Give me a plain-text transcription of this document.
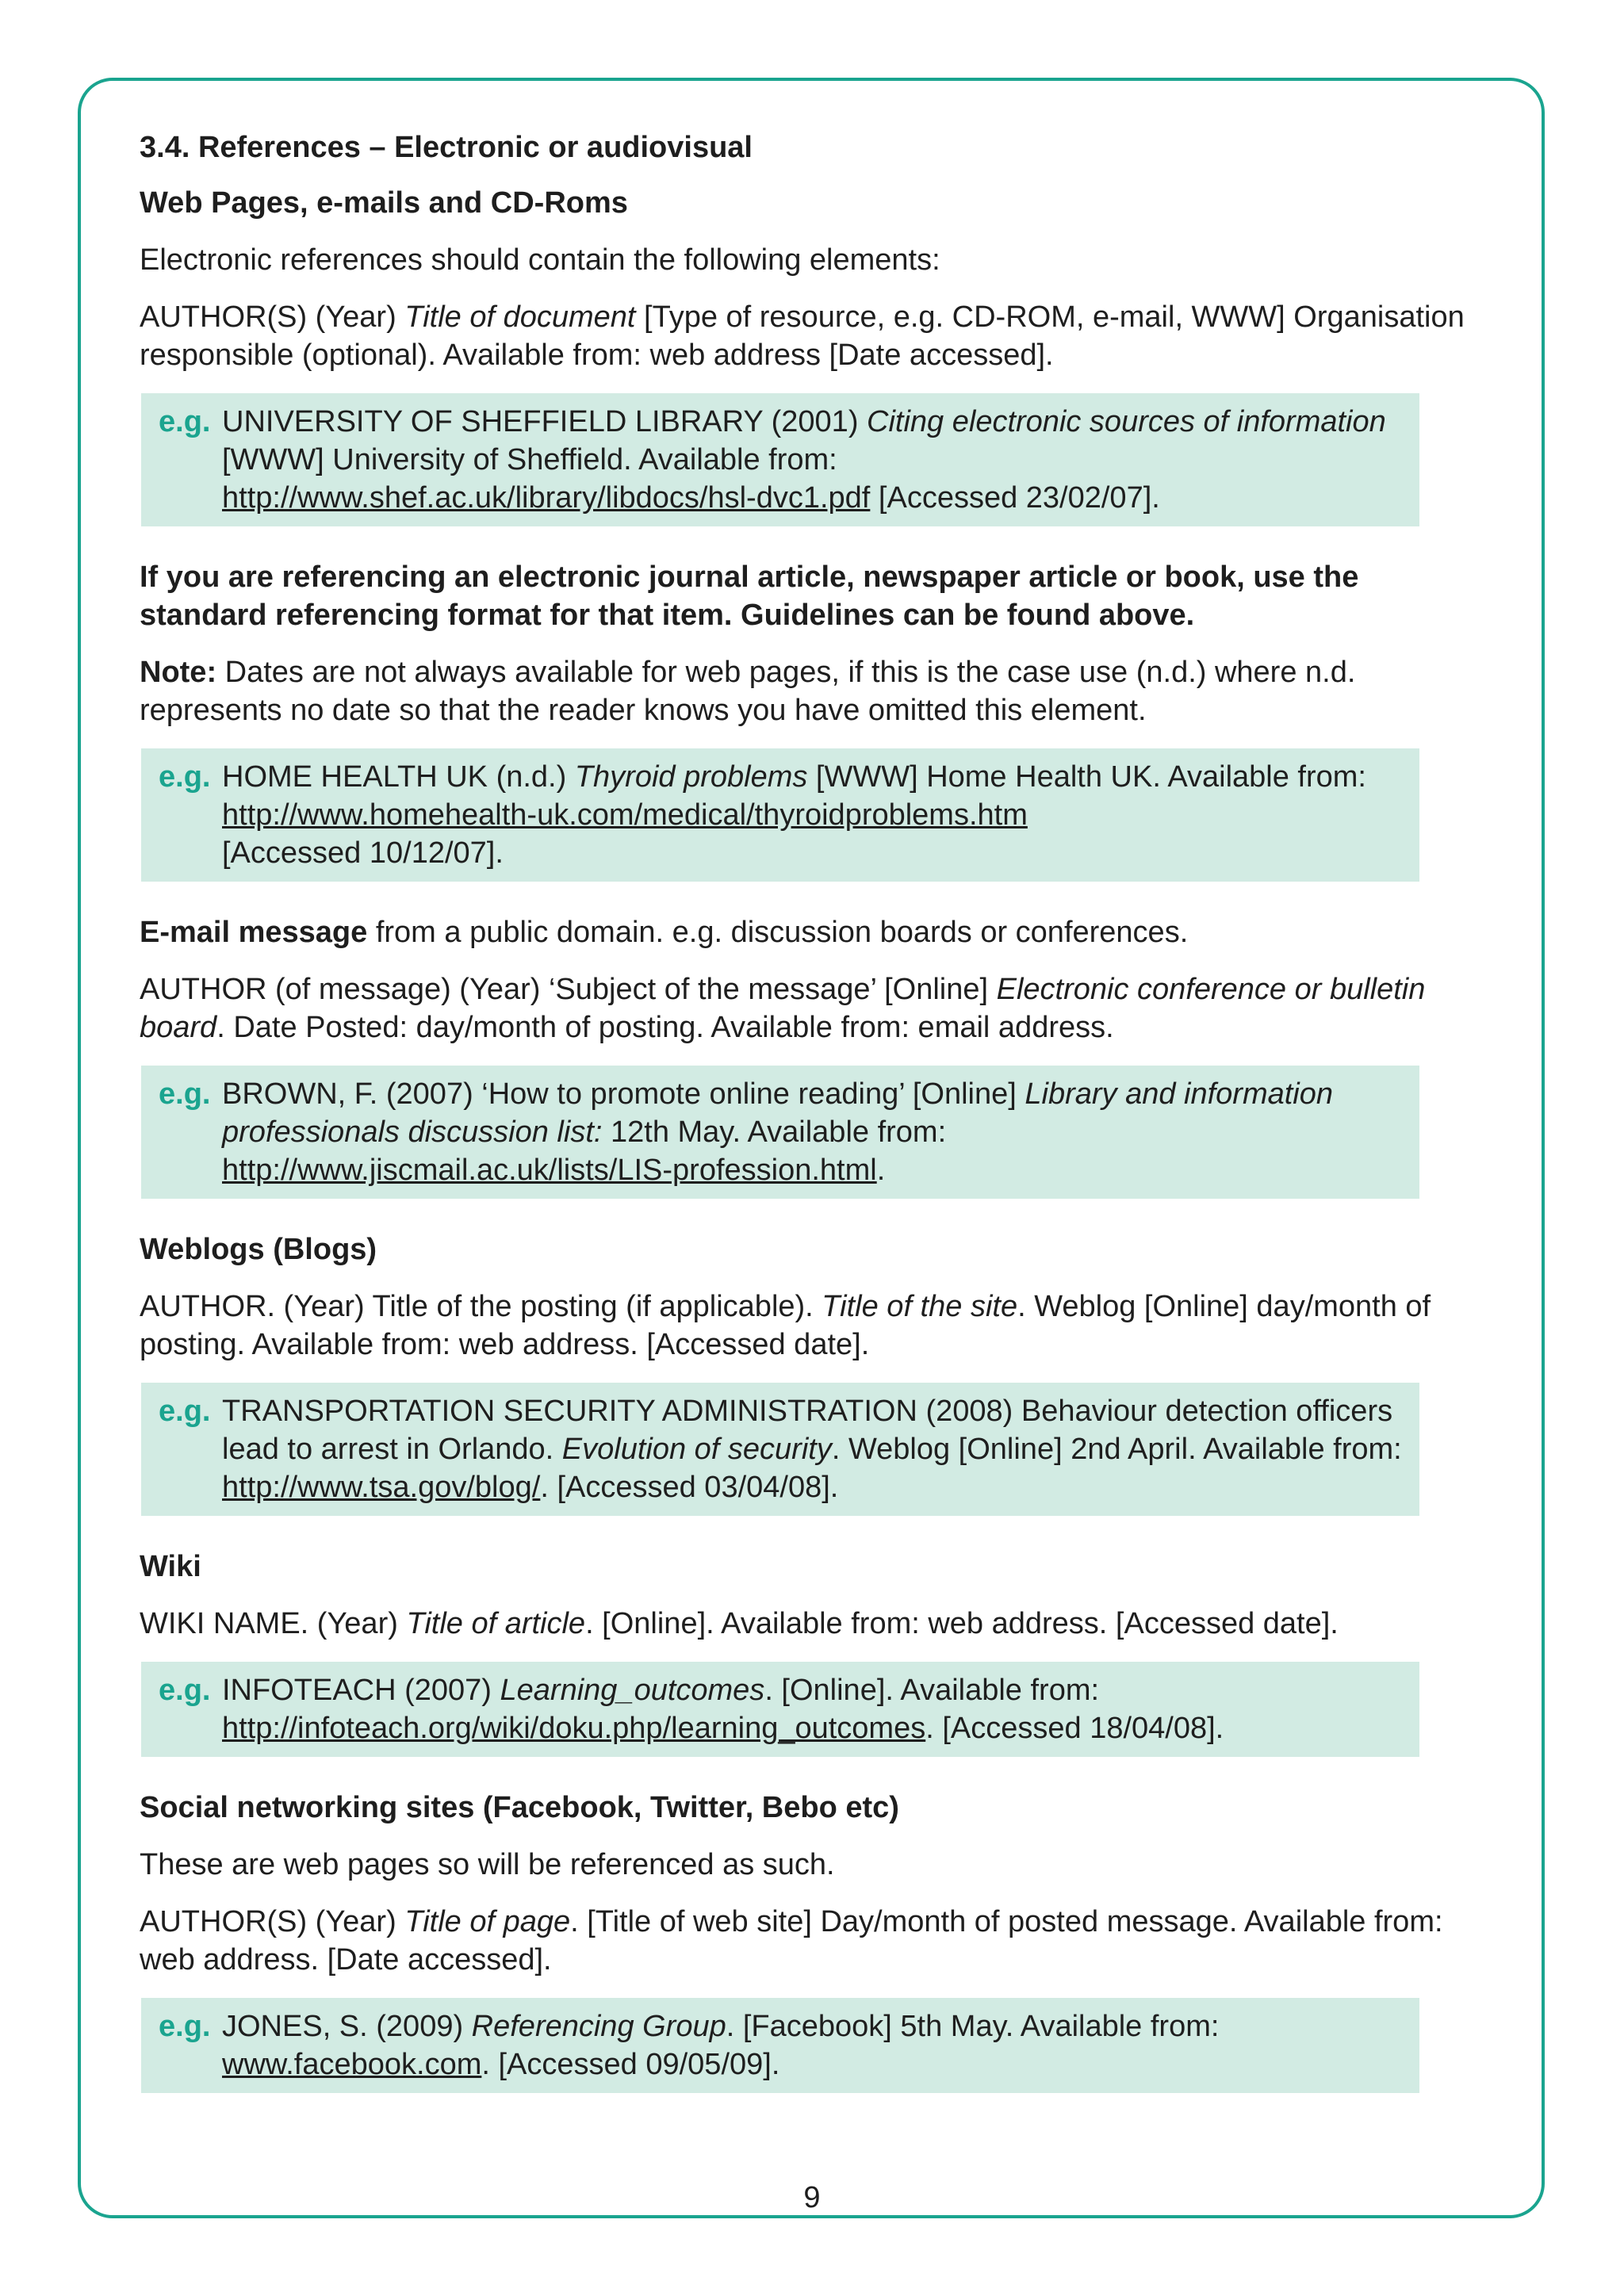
3.4. References – Electronic or audiovisual
Web Pages, e-mails and CD-Roms
Electronic references should contain the following elements:
AUTHOR(S) (Year) Title of document [Type of resource, e.g. CD-ROM, e-mail, WWW] Organisation responsible (optional). Available from: web address [Date accessed].
e.g. UNIVERSITY OF SHEFFIELD LIBRARY (2001) Citing electronic sources of information [WWW] University of Sheffield. Available from:
http://www.shef.ac.uk/library/libdocs/hsl-dvc1.pdf [Accessed 23/02/07].
If you are referencing an electronic journal article, newspaper article or book, use the standard referencing format for that item. Guidelines can be found above.
Note: Dates are not always available for web pages, if this is the case use (n.d.) where n.d. represents no date so that the reader knows you have omitted this element.
e.g. HOME HEALTH UK (n.d.) Thyroid problems [WWW] Home Health UK. Available from: http://www.homehealth-uk.com/medical/thyroidproblems.htm
[Accessed 10/12/07].
E-mail message from a public domain. e.g. discussion boards or conferences.
AUTHOR (of message) (Year) ‘Subject of the message’ [Online] Electronic conference or bulletin board. Date Posted: day/month of posting. Available from: email address.
e.g. BROWN, F. (2007) ‘How to promote online reading’ [Online] Library and information professionals discussion list: 12th May. Available from: http://www.jiscmail.ac.uk/lists/LIS-profession.html.
Weblogs (Blogs)
AUTHOR. (Year) Title of the posting (if applicable). Title of the site. Weblog [Online] day/month of posting. Available from: web address. [Accessed date].
e.g. TRANSPORTATION SECURITY ADMINISTRATION (2008) Behaviour detection officers lead to arrest in Orlando. Evolution of security. Weblog [Online] 2nd April. Available from: http://www.tsa.gov/blog/. [Accessed 03/04/08].
Wiki
WIKI NAME. (Year) Title of article. [Online]. Available from: web address. [Accessed date].
e.g. INFOTEACH (2007) Learning_outcomes. [Online]. Available from:
http://infoteach.org/wiki/doku.php/learning_outcomes. [Accessed 18/04/08].
Social networking sites (Facebook, Twitter, Bebo etc)
These are web pages so will be referenced as such.
AUTHOR(S) (Year) Title of page. [Title of web site] Day/month of posted message. Available from: web address. [Date accessed].
e.g. JONES, S. (2009) Referencing Group. [Facebook] 5th May. Available from:
www.facebook.com. [Accessed 09/05/09].
9
